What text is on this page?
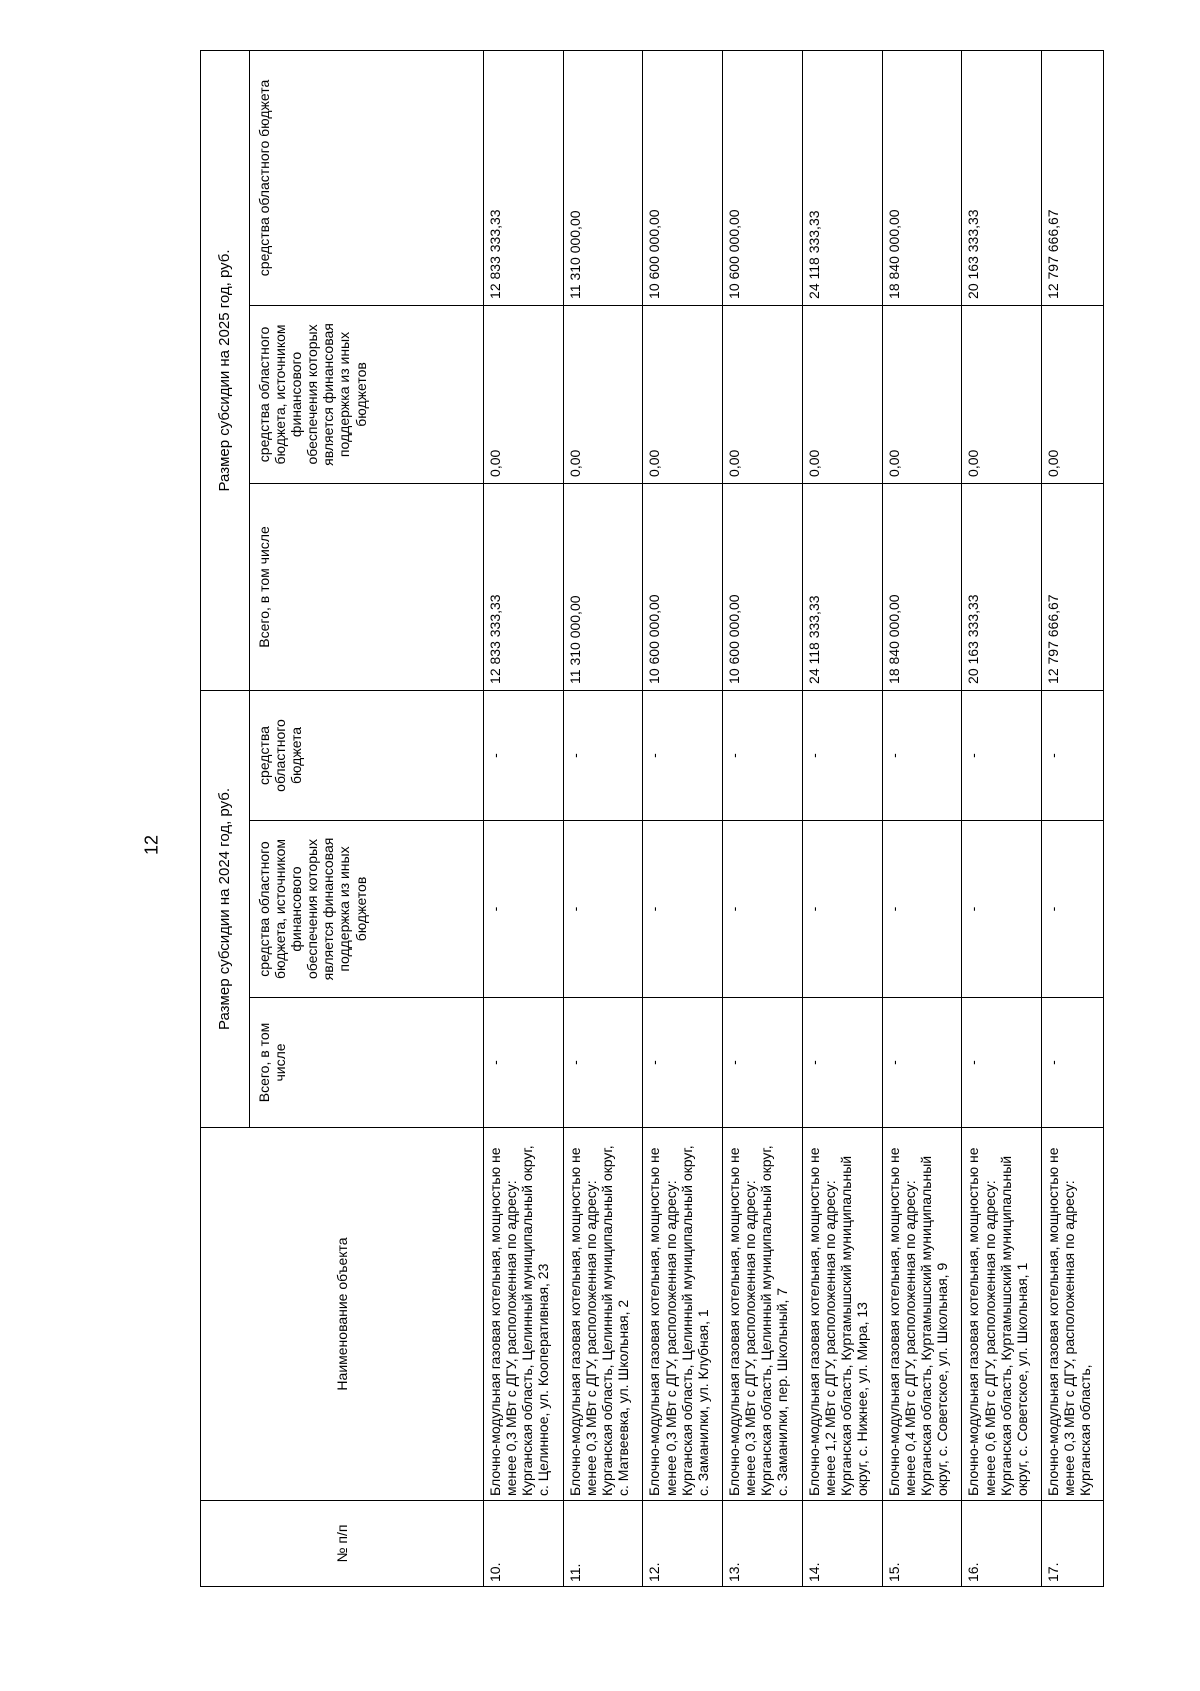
12
№ п/п	Наименование объекта	Размер субсидии на 2024 год, руб.			Размер субсидии на 2025 год, руб.		
		Всего, в том числе	средства областного бюджета, источником финансового обеспечения которых является финансовая поддержка из иных бюджетов	средства областного бюджета	Всего, в том числе	средства областного бюджета, источником финансового обеспечения которых является финансовая поддержка из иных бюджетов	средства областного бюджета
10.	Блочно-модульная газовая котельная, мощностью не менее 0,3 МВт с ДГУ, расположенная по адресу: Курганская область, Целинный муниципальный округ, с. Целинное, ул. Кооперативная, 23	-	-	-	12 833 333,33	0,00	12 833 333,33
11.	Блочно-модульная газовая котельная, мощностью не менее 0,3 МВт с ДГУ, расположенная по адресу: Курганская область, Целинный муниципальный округ, с. Матвеевка, ул. Школьная, 2	-	-	-	11 310 000,00	0,00	11 310 000,00
12.	Блочно-модульная газовая котельная, мощностью не менее 0,3 МВт с ДГУ, расположенная по адресу: Курганская область, Целинный муниципальный округ, с. Заманилки, ул. Клубная, 1	-	-	-	10 600 000,00	0,00	10 600 000,00
13.	Блочно-модульная газовая котельная, мощностью не менее 0,3 МВт с ДГУ, расположенная по адресу: Курганская область, Целинный муниципальный округ, с. Заманилки, пер. Школьный, 7	-	-	-	10 600 000,00	0,00	10 600 000,00
14.	Блочно-модульная газовая котельная, мощностью не менее 1,2 МВт с ДГУ, расположенная по адресу: Курганская область, Куртамышский муниципальный округ, с. Нижнее, ул. Мира, 13	-	-	-	24 118 333,33	0,00	24 118 333,33
15.	Блочно-модульная газовая котельная, мощностью не менее 0,4 МВт с ДГУ, расположенная по адресу: Курганская область, Куртамышский муниципальный округ, с. Советское, ул. Школьная, 9	-	-	-	18 840 000,00	0,00	18 840 000,00
16.	Блочно-модульная газовая котельная, мощностью не менее 0,6 МВт с ДГУ, расположенная по адресу: Курганская область, Куртамышский муниципальный округ, с. Советское, ул. Школьная, 1	-	-	-	20 163 333,33	0,00	20 163 333,33
17.	Блочно-модульная газовая котельная, мощностью не менее 0,3 МВт с ДГУ, расположенная по адресу: Курганская область,	-	-	-	12 797 666,67	0,00	12 797 666,67
